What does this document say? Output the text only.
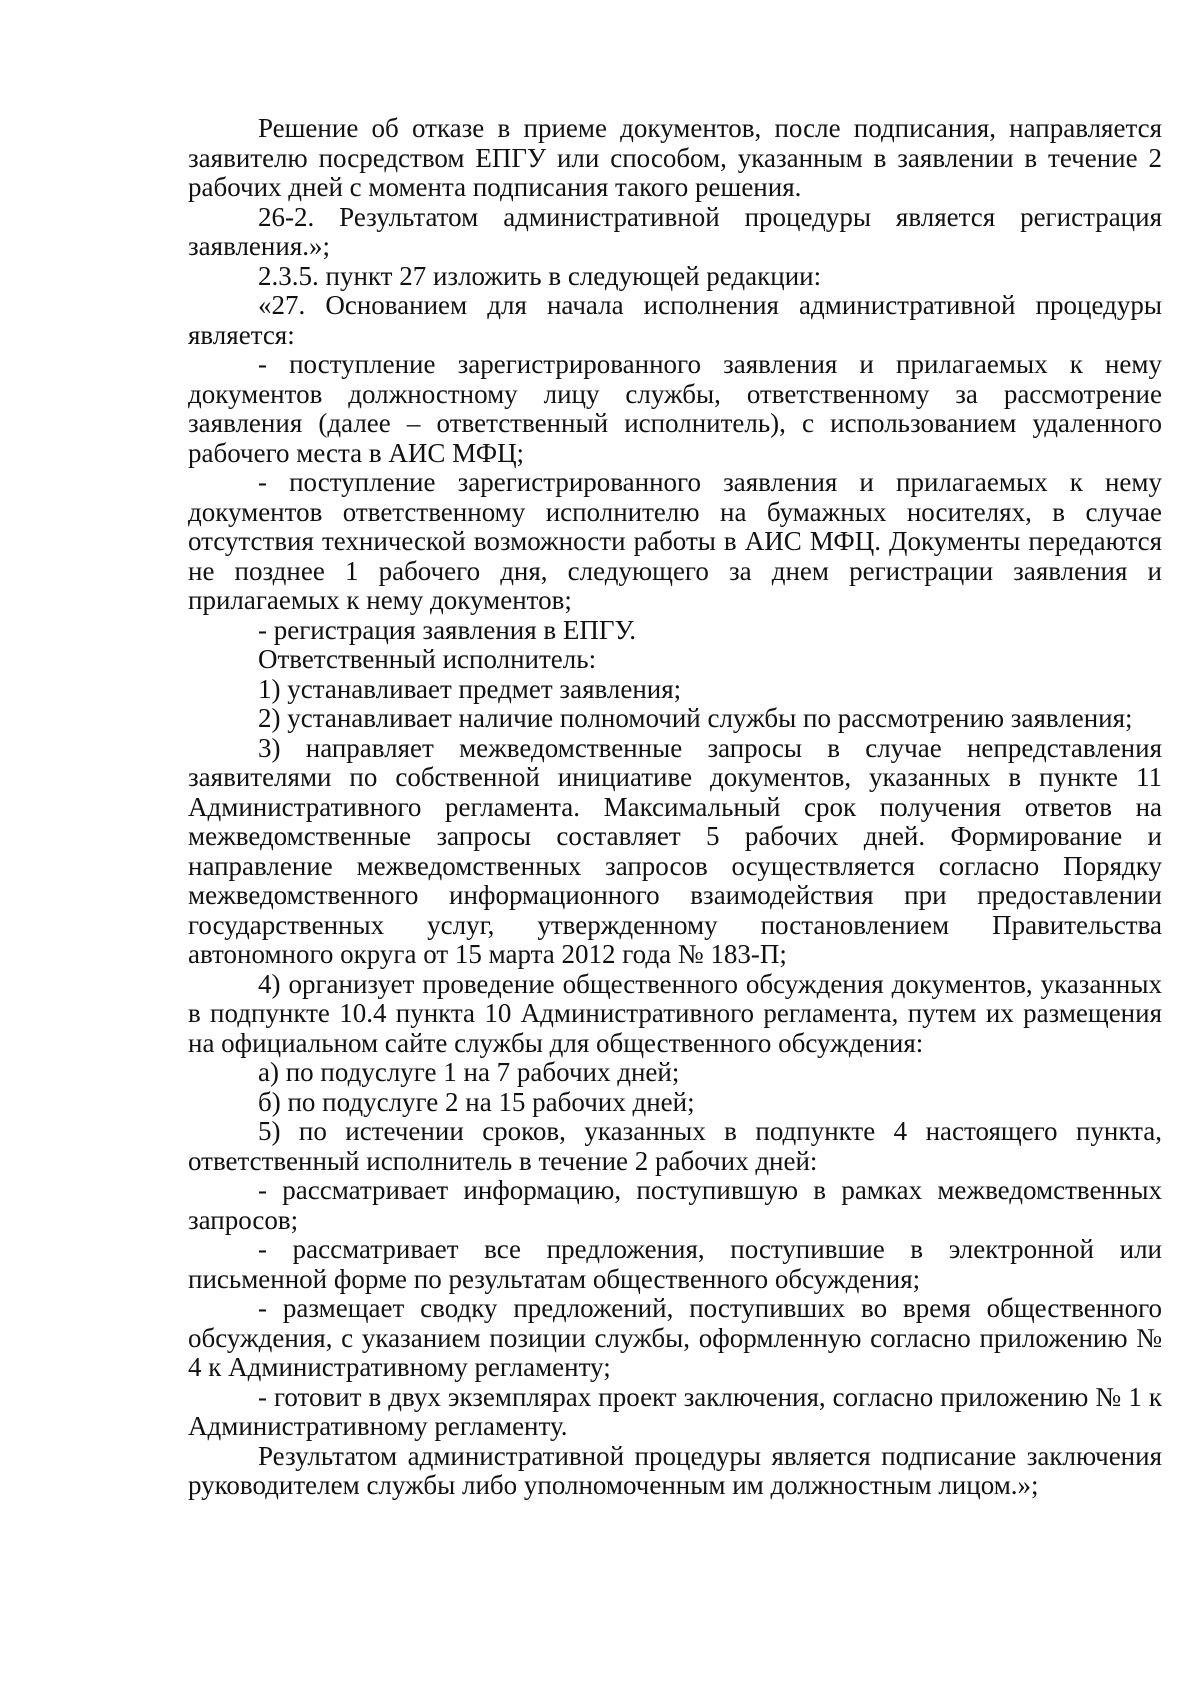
Решение об отказе в приеме документов, после подписания, направляется заявителю посредством ЕПГУ или способом, указанным в заявлении в течение 2 рабочих дней с момента подписания такого решения.

26-2. Результатом административной процедуры является регистрация заявления.»;

2.3.5. пункт 27 изложить в следующей редакции:

«27. Основанием для начала исполнения административной процедуры является:

- поступление зарегистрированного заявления и прилагаемых к нему документов должностному лицу службы, ответственному за рассмотрение заявления (далее – ответственный исполнитель), с использованием удаленного рабочего места в АИС МФЦ;

- поступление зарегистрированного заявления и прилагаемых к нему документов ответственному исполнителю на бумажных носителях, в случае отсутствия технической возможности работы в АИС МФЦ. Документы передаются не позднее 1 рабочего дня, следующего за днем регистрации заявления и прилагаемых к нему документов;

- регистрация заявления в ЕПГУ.

Ответственный исполнитель:

1) устанавливает предмет заявления;

2) устанавливает наличие полномочий службы по рассмотрению заявления;

3) направляет межведомственные запросы в случае непредставления заявителями по собственной инициативе документов, указанных в пункте 11 Административного регламента. Максимальный срок получения ответов на межведомственные запросы составляет 5 рабочих дней. Формирование и направление межведомственных запросов осуществляется согласно Порядку межведомственного информационного взаимодействия при предоставлении государственных услуг, утвержденному постановлением Правительства автономного округа от 15 марта 2012 года № 183-П;

4) организует проведение общественного обсуждения документов, указанных в подпункте 10.4 пункта 10 Административного регламента, путем их размещения на официальном сайте службы для общественного обсуждения:

а) по подуслуге 1 на 7 рабочих дней;

б) по подуслуге 2 на 15 рабочих дней;

5) по истечении сроков, указанных в подпункте 4 настоящего пункта, ответственный исполнитель в течение 2 рабочих дней:

- рассматривает информацию, поступившую в рамках межведомственных запросов;

- рассматривает все предложения, поступившие в электронной или письменной форме по результатам общественного обсуждения;

- размещает сводку предложений, поступивших во время общественного обсуждения, с указанием позиции службы, оформленную согласно приложению № 4 к Административному регламенту;

- готовит в двух экземплярах проект заключения, согласно приложению № 1 к Административному регламенту.

Результатом административной процедуры является подписание заключения руководителем службы либо уполномоченным им должностным лицом.»;
